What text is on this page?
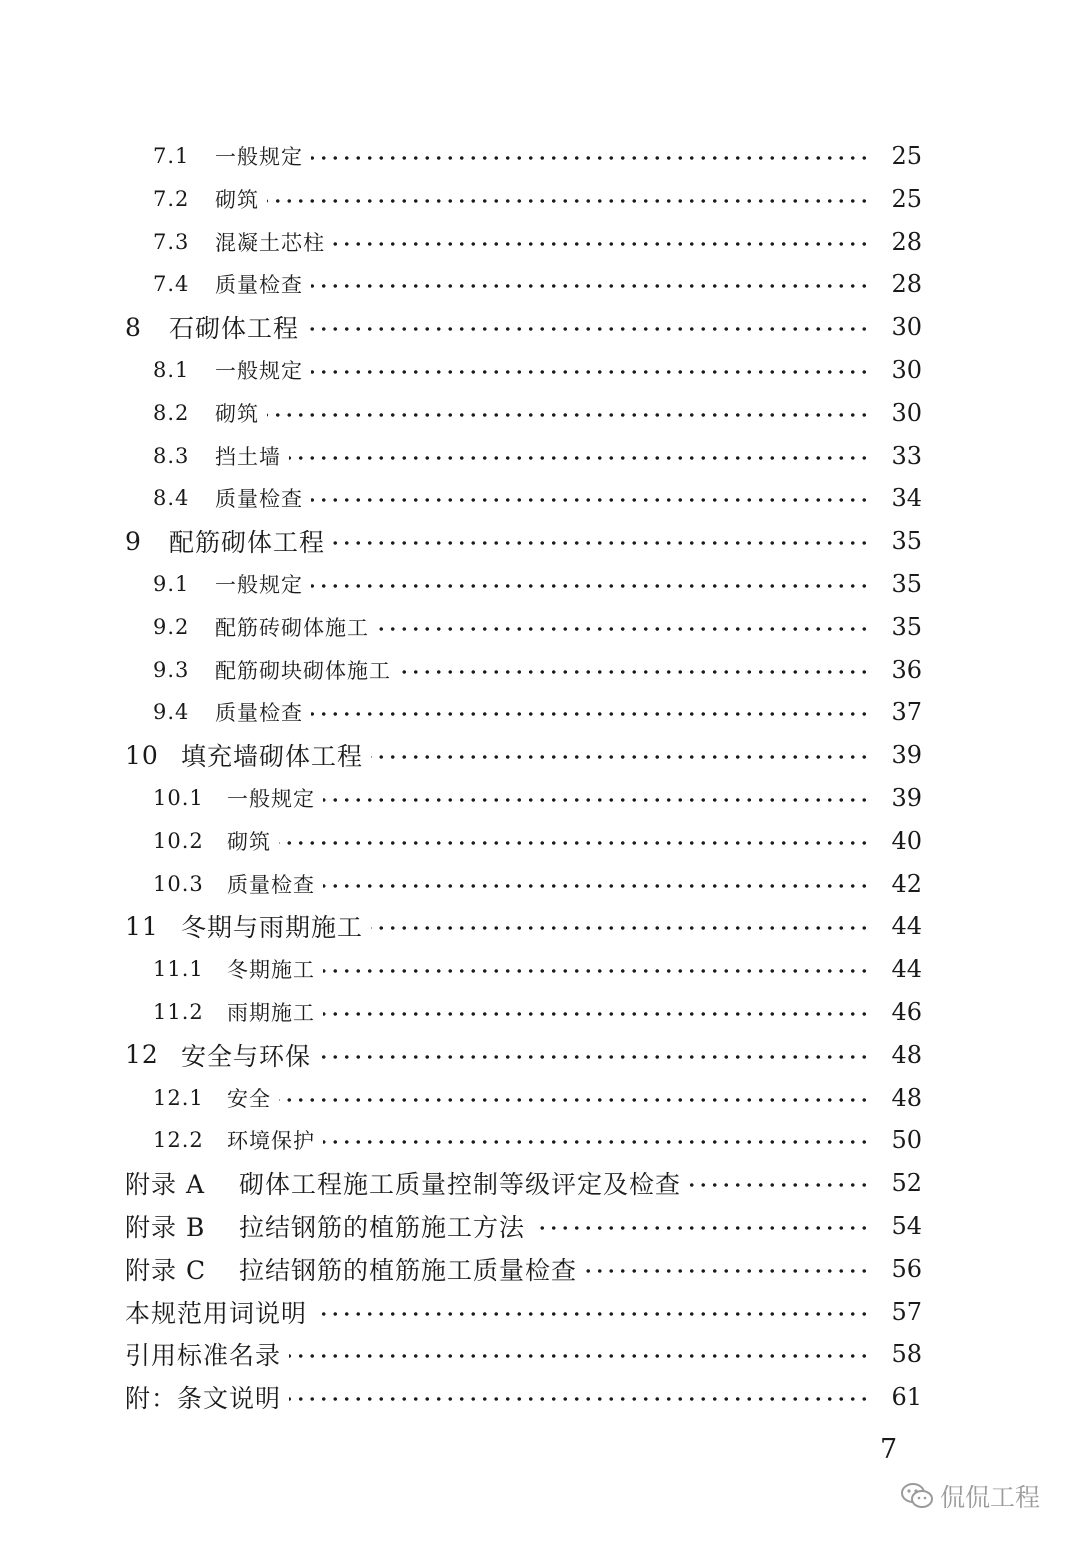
7.1	一般规定	25
7.2	砌筑	25
7.3	混凝土芯柱	28
7.4	质量检查	28
8 石砌体工程	30
8.1	一般规定	30
8.2	砌筑	30
8.3	挡土墙	33
8.4	质量检查	34
9 配筋砌体工程	35
9.1	一般规定	35
9.2	配筋砖砌体施工	35
9.3	配筋砌块砌体施工	36
9.4	质量检查	37
10 填充墙砌体工程	39
10.1	一般规定	39
10.2	砌筑	40
10.3	质量检查	42
11 冬期与雨期施工	44
11.1	冬期施工	44
11.2	雨期施工	46
12 安全与环保	48
12.1	安全	48
12.2	环境保护	50
附录 A	砌体工程施工质量控制等级评定及检查	52
附录 B	拉结钢筋的植筋施工方法	54
附录 C	拉结钢筋的植筋施工质量检查	56
本规范用词说明	57
引用标准名录	58
附：条文说明	61
7
侃侃工程
